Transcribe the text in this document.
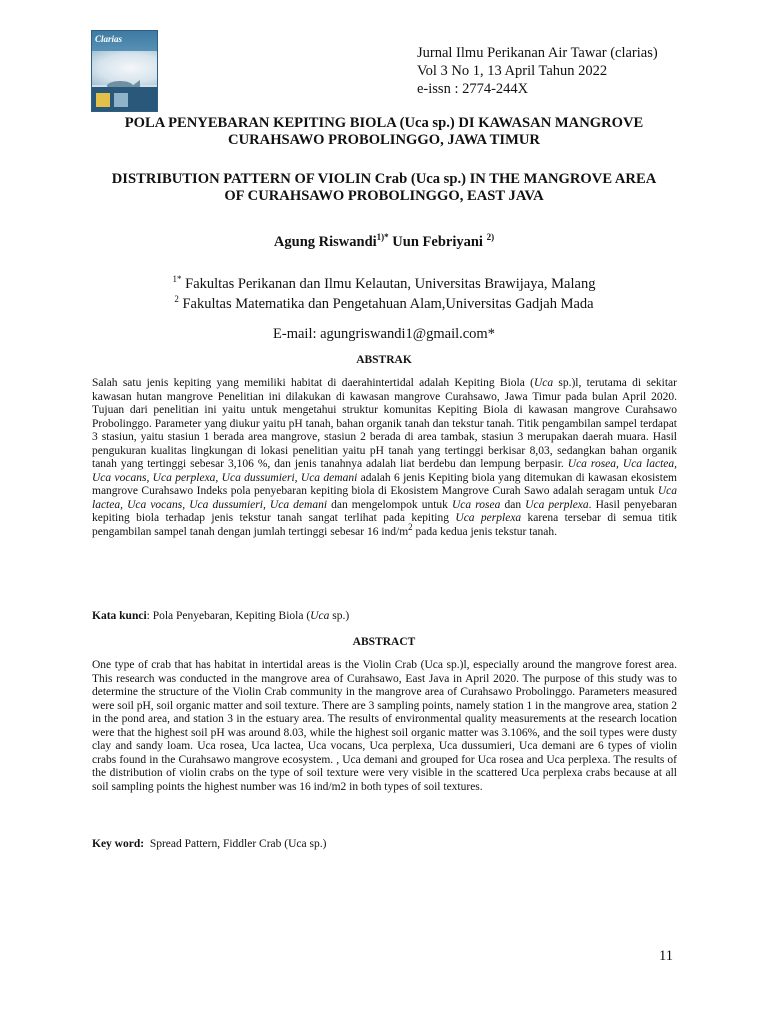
Clarias
Jurnal Ilmu Perikanan Air Tawar (clarias)
Vol 3 No 1, 13 April Tahun 2022
e-issn : 2774-244X
POLA PENYEBARAN KEPITING BIOLA (Uca sp.) DI KAWASAN MANGROVE
CURAHSAWO PROBOLINGGO, JAWA TIMUR
DISTRIBUTION PATTERN OF VIOLIN Crab (Uca sp.) IN THE MANGROVE AREA
OF CURAHSAWO PROBOLINGGO, EAST JAVA
Agung Riswandi$^{1)*}$ Uun Febriyani $^{2)}$
$^{1*}$ Fakultas Perikanan dan Ilmu Kelautan, Universitas Brawijaya, Malang
$^2$ Fakultas Matematika dan Pengetahuan Alam,Universitas Gadjah Mada
E-mail: agungriswandi1@gmail.com*
ABSTRAK
Salah satu jenis kepiting yang memiliki habitat di daerahintertidal adalah Kepiting Biola (Uca sp.)l, terutama di sekitar kawasan hutan mangrove Penelitian ini dilakukan di kawasan mangrove Curahsawo, Jawa Timur pada bulan April 2020. Tujuan dari penelitian ini yaitu untuk mengetahui struktur komunitas Kepiting Biola di kawasan mangrove Curahsawo Probolinggo. Parameter yang diukur yaitu pH tanah, bahan organik tanah dan tekstur tanah. Titik pengambilan sampel terdapat 3 stasiun, yaitu stasiun 1 berada area mangrove, stasiun 2 berada di area tambak, stasiun 3 merupakan daerah muara. Hasil pengukuran kualitas lingkungan di lokasi penelitian yaitu pH tanah yang tertinggi berkisar 8,03, sedangkan bahan organik tanah yang tertinggi sebesar 3,106 %, dan jenis tanahnya adalah liat berdebu dan lempung berpasir. Uca rosea, Uca lactea, Uca vocans, Uca perplexa, Uca dussumieri, Uca demani adalah 6 jenis Kepiting biola yang ditemukan di kawasan ekosistem mangrove Curahsawo Indeks pola penyebaran kepiting biola di Ekosistem Mangrove Curah Sawo adalah seragam untuk Uca lactea, Uca vocans, Uca dussumieri, Uca demani dan mengelompok untuk Uca rosea dan Uca perplexa. Hasil penyebaran kepiting biola terhadap jenis tekstur tanah sangat terlihat pada kepiting Uca perplexa karena tersebar di semua titik pengambilan sampel tanah dengan jumlah tertinggi sebesar 16 ind/$m^2$ pada kedua jenis tekstur tanah.
Kata kunci: Pola Penyebaran, Kepiting Biola (Uca sp.)
ABSTRACT
One type of crab that has habitat in intertidal areas is the Violin Crab (Uca sp.)l, especially around the mangrove forest area. This research was conducted in the mangrove area of Curahsawo, East Java in April 2020. The purpose of this study was to determine the structure of the Violin Crab community in the mangrove area of Curahsawo Probolinggo. Parameters measured were soil pH, soil organic matter and soil texture. There are 3 sampling points, namely station 1 in the mangrove area, station 2 in the pond area, and station 3 in the estuary area. The results of environmental quality measurements at the research location were that the highest soil pH was around 8.03, while the highest soil organic matter was 3.106%, and the soil types were dusty clay and sandy loam. Uca rosea, Uca lactea, Uca vocans, Uca perplexa, Uca dussumieri, Uca demani are 6 types of violin crabs found in the Curahsawo mangrove ecosystem. , Uca demani and grouped for Uca rosea and Uca perplexa. The results of the distribution of violin crabs on the type of soil texture were very visible in the scattered Uca perplexa crabs because at all soil sampling points the highest number was 16 ind/m2 in both types of soil textures.
Key word:  Spread Pattern, Fiddler Crab (Uca sp.)
11
